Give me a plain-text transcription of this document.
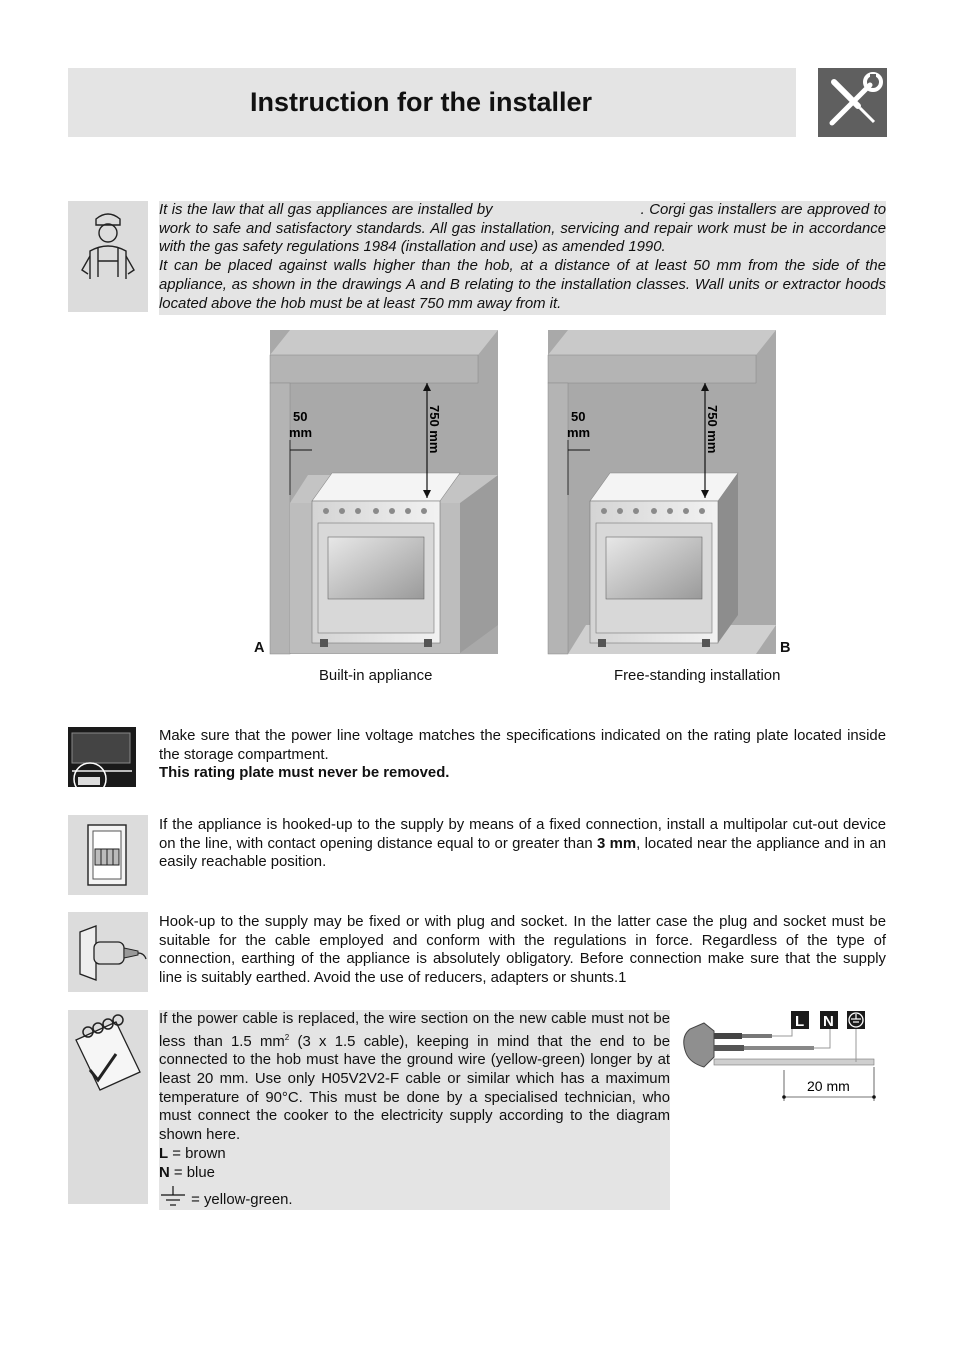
Instruction for the installer

It is the law that all gas appliances are installed by	. Corgi gas installers are approved to work to safe and satisfactory standards. All gas installation, servicing and repair work must be in accordance with the gas safety regulations 1984 (installation and use) as amended 1990.

It can be placed against walls higher than the hob, at a distance of at least 50 mm from the side of the appliance, as shown in the drawings A and B relating to the installation classes. Wall units or extractor hoods located above the hob must be at least 750 mm away from it.

50
mm	750 mm	50
mm	750 mm
A	B
Built-in appliance	Free-standing installation

Make sure that the power line voltage matches the specifications indicated on the rating plate located inside the storage compartment.

This rating plate must never be removed.

If the appliance is hooked-up to the supply by means of a fixed connection, install a multipolar cut-out device on the line, with contact opening distance equal to or greater than 3 mm, located near the appliance and in an easily reachable position.

Hook-up to the supply may be fixed or with plug and socket. In the latter case the plug and socket must be suitable for the cable employed and conform with the regulations in force. Regardless of the type of connection, earthing of the appliance is absolutely obligatory. Before connection make sure that the supply line is suitably earthed. Avoid the use of reducers, adapters or shunts.1

If the power cable is replaced, the wire section on the new cable must not be less than 1.5 $mm^2$ (3 x 1.5 cable), keeping in mind that the end to be connected to the hob must have the ground wire (yellow-green) longer by at least 20 mm. Use only H05V2V2-F cable or similar which has a maximum temperature of 90°C. This must be done by a specialised technician, who must connect the cooker to the electricity supply according to the diagram shown here.

L = brown

N = blue

= yellow-green.

L N
20 mm
